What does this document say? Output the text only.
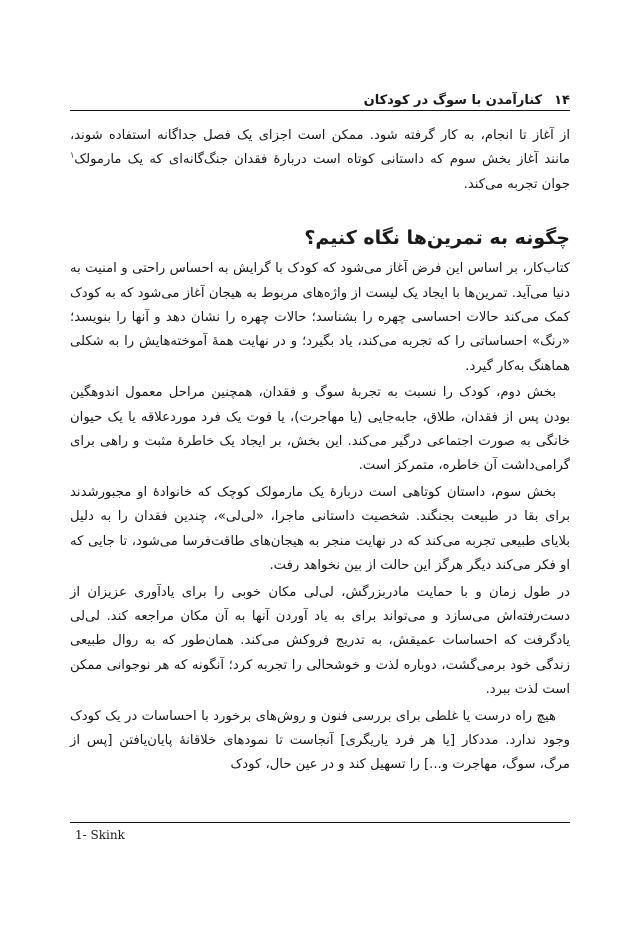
۱۴
کنارآمدن با سوگ در کودکان

از آغاز تا انجام، به کار گرفته شود. ممکن است اجزای یک فصل جداگانه استفاده شوند، مانند آغاز بخش سوم که داستانی کوتاه است دربارۀ فقدان جنگ‌گانه‌ای که یک مارمولک$^۱$ جوان تجربه می‌کند.

چگونه به تمرین‌ها نگاه کنیم؟

کتاب‌کار، بر اساس این فرض آغاز می‌شود که کودک با گرایش به احساس راحتی و امنیت به دنیا می‌آید. تمرین‌ها با ایجاد یک لیست از واژه‌های مربوط به هیجان آغاز می‌شود که به کودک کمک می‌کند حالات احساسی چهره را بشناسد؛ حالات چهره را نشان دهد و آنها را بنویسد؛ «رنگ» احساساتی را که تجربه می‌کند، یاد بگیرد؛ و در نهایت همۀ آموخته‌هایش را به شکلی هماهنگ به‌کار گیرد.

بخش دوم، کودک را نسبت به تجربۀ سوگ و فقدان، همچنین مراحل معمول اندوهگین بودن پس از فقدان، طلاق، جابه‌جایی (یا مهاجرت)، یا فوت یک فرد موردعلاقه یا یک حیوان خانگی به صورت اجتماعی درگیر می‌کند. این بخش، بر ایجاد یک خاطرۀ مثبت و راهی برای گرامی‌داشت آن خاطره، متمرکز است.

بخش سوم، داستان کوتاهی است دربارۀ یک مارمولک کوچک که خانوادۀ او مجبورشدند برای بقا در طبیعت بجنگند. شخصیت داستانی ماجرا، «لی‌لی»، چندین فقدان را به دلیل بلایای طبیعی تجربه می‌کند که در نهایت منجر به هیجان‌های طاقت‌فرسا می‌شود، تا جایی که او فکر می‌کند دیگر هرگز این حالت از بین نخواهد رفت.

در طول زمان و با حمایت مادربزرگش، لی‌لی مکان خوبی را برای یادآوری عزیزان از دست‌رفته‌اش می‌سازد و می‌تواند برای به یاد آوردن آنها به آن مکان مراجعه کند. لی‌لی یادگرفت که احساسات عمیقش، به تدریج فروکش می‌کند. همان‌طور که به روال طبیعی زندگی خود برمی‌گشت، دوباره لذت و خوشحالی را تجربه کرد؛ آنگونه که هر نوجوانی ممکن است لذت ببرد.

هیچ راه درست یا غلطی برای بررسی فنون و روش‌های برخورد با احساسات در یک کودک وجود ندارد. مددکار [یا هر فرد یاریگری] آنجاست تا نمودهای خلاقانۀ پایان‌یافتن [پس از مرگ، سوگ، مهاجرت و...] را تسهیل کند و در عین حال، کودک

1- Skink
